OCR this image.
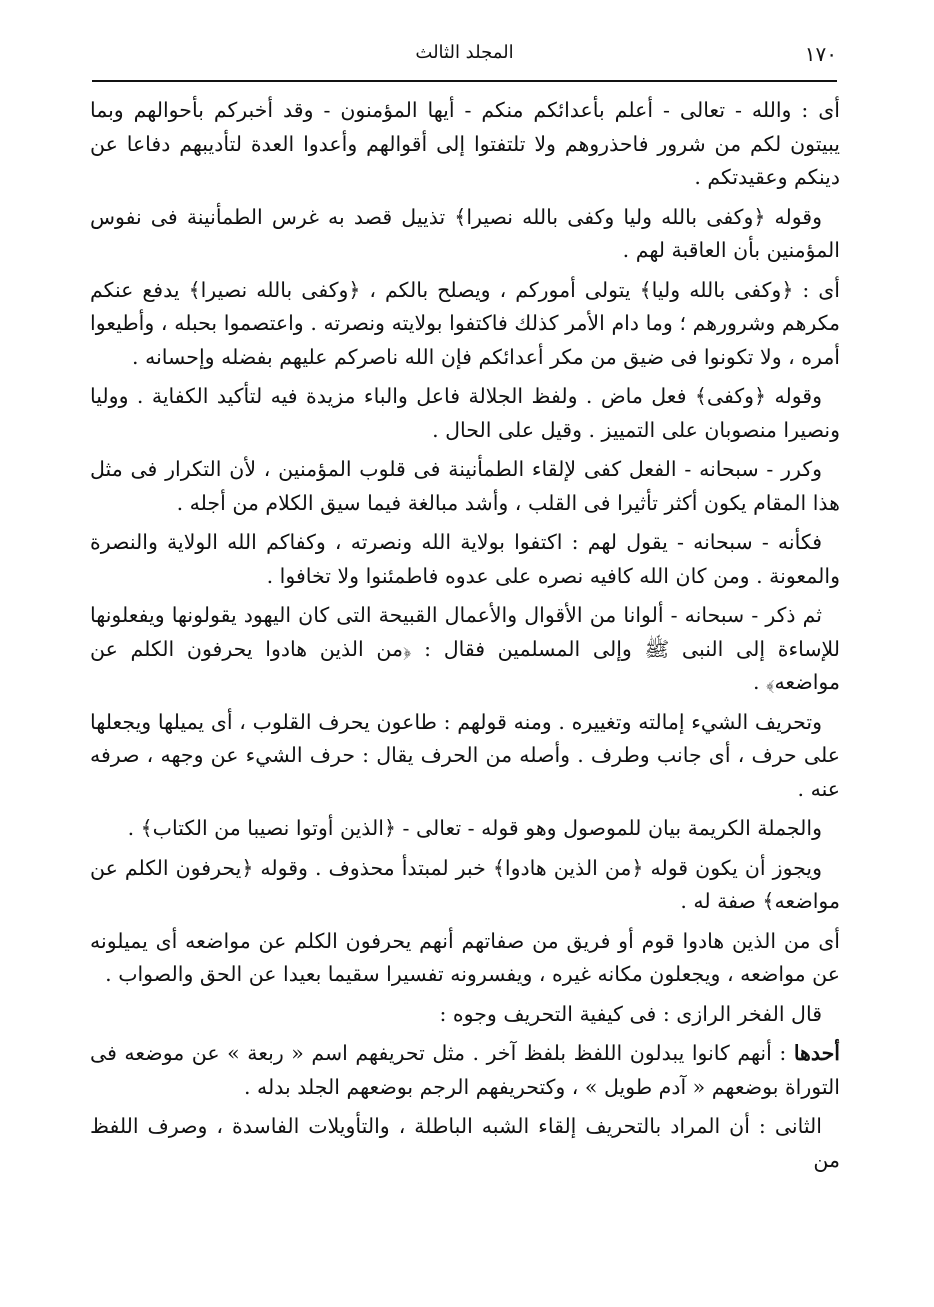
١٧٠
المجلد الثالث

أى : والله - تعالى - أعلم بأعدائكم منكم - أيها المؤمنون - وقد أخبركم بأحوالهم وبما يبيتون لكم من شرور فاحذروهم ولا تلتفتوا إلى أقوالهم وأعدوا العدة لتأديبهم دفاعا عن دينكم وعقيدتكم .

وقوله ﴿وكفى بالله وليا وكفى بالله نصيرا﴾ تذييل قصد به غرس الطمأنينة فى نفوس المؤمنين بأن العاقبة لهم .

أى : ﴿وكفى بالله وليا﴾ يتولى أموركم ، ويصلح بالكم ، ﴿وكفى بالله نصيرا﴾ يدفع عنكم مكرهم وشرورهم ؛ وما دام الأمر كذلك فاكتفوا بولايته ونصرته . واعتصموا بحبله ، وأطيعوا أمره ، ولا تكونوا فى ضيق من مكر أعدائكم فإن الله ناصركم عليهم بفضله وإحسانه .

وقوله ﴿وكفى﴾ فعل ماض . ولفظ الجلالة فاعل والباء مزيدة فيه لتأكيد الكفاية . ووليا ونصيرا منصوبان على التمييز . وقيل على الحال .

وكرر - سبحانه - الفعل كفى لإلقاء الطمأنينة فى قلوب المؤمنين ، لأن التكرار فى مثل هذا المقام يكون أكثر تأثيرا فى القلب ، وأشد مبالغة فيما سيق الكلام من أجله .

فكأنه - سبحانه - يقول لهم : اكتفوا بولاية الله ونصرته ، وكفاكم الله الولاية والنصرة والمعونة . ومن كان الله كافيه نصره على عدوه فاطمئنوا ولا تخافوا .

ثم ذكر - سبحانه - ألوانا من الأقوال والأعمال القبيحة التى كان اليهود يقولونها ويفعلونها للإساءة إلى النبى ﷺ وإلى المسلمين فقال : ﴿من الذين هادوا يحرفون الكلم عن مواضعه﴾ .

وتحريف الشيء إمالته وتغييره . ومنه قولهم : طاعون يحرف القلوب ، أى يميلها ويجعلها على حرف ، أى جانب وطرف . وأصله من الحرف يقال : حرف الشيء عن وجهه ، صرفه عنه .

والجملة الكريمة بيان للموصول وهو قوله - تعالى - ﴿الذين أوتوا نصيبا من الكتاب﴾ .

ويجوز أن يكون قوله ﴿من الذين هادوا﴾ خبر لمبتدأ محذوف . وقوله ﴿يحرفون الكلم عن مواضعه﴾ صفة له .

أى من الذين هادوا قوم أو فريق من صفاتهم أنهم يحرفون الكلم عن مواضعه أى يميلونه عن مواضعه ، ويجعلون مكانه غيره ، ويفسرونه تفسيرا سقيما بعيدا عن الحق والصواب .

قال الفخر الرازى : فى كيفية التحريف وجوه :

أحدها : أنهم كانوا يبدلون اللفظ بلفظ آخر . مثل تحريفهم اسم « ربعة » عن موضعه فى التوراة بوضعهم « آدم طويل » ، وكتحريفهم الرجم بوضعهم الجلد بدله .

الثانى : أن المراد بالتحريف إلقاء الشبه الباطلة ، والتأويلات الفاسدة ، وصرف اللفظ من
